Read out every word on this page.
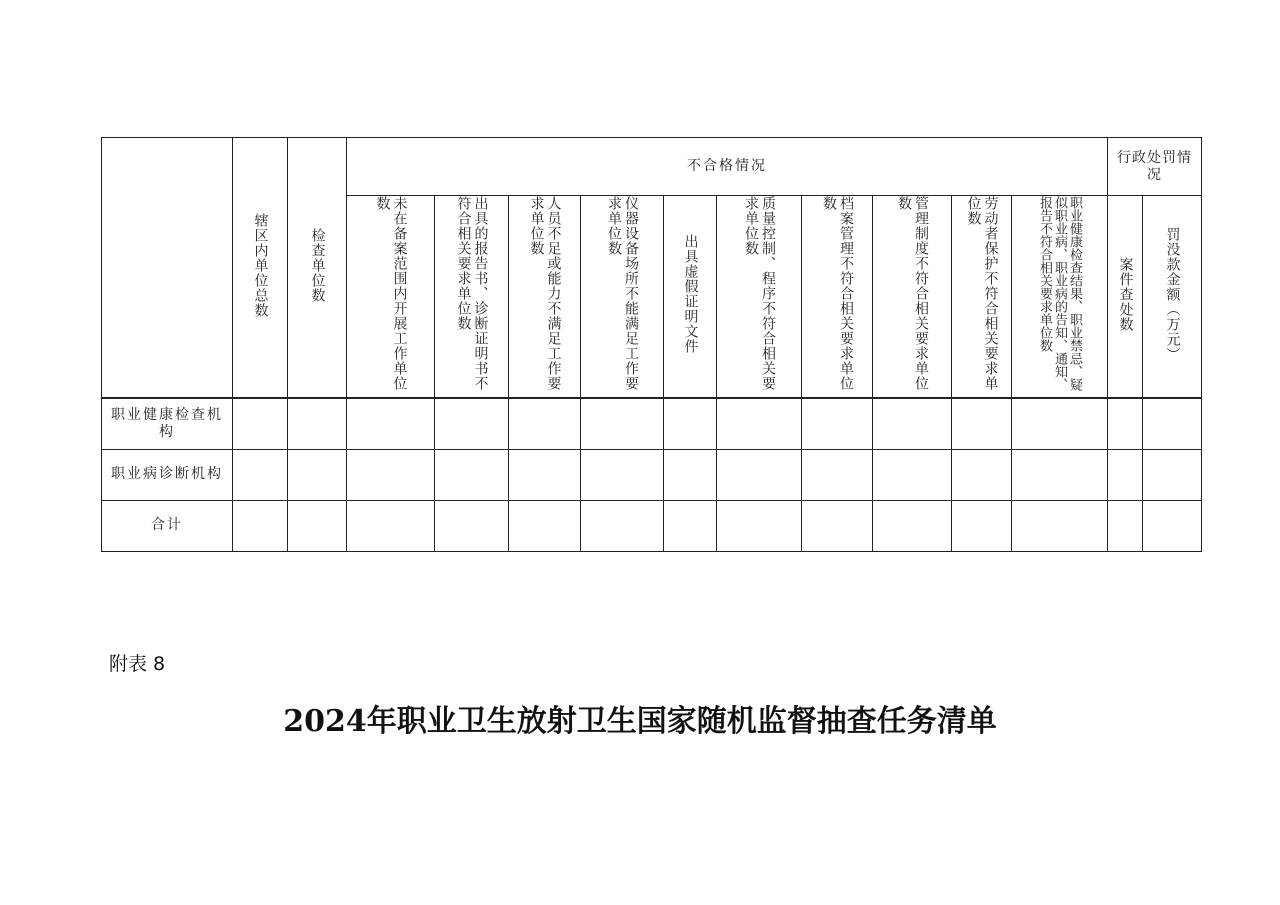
	辖区内单位总数	检查单位数	不合格情况										行政处罚情况	
			未在备案范围内开展工作单位数	出具的报告书、诊断证明书不符合相关要求单位数	人员不足或能力不满足工作要求单位数	仪器设备场所不能满足工作要求单位数	出具虚假证明文件	质量控制、程序不符合相关要求单位数	档案管理不符合相关要求单位数	管理制度不符合相关要求单位数	劳动者保护不符合相关要求单位数	职业健康检查结果、职业禁忌、疑似职业病、职业病的告知、通知、报告不符合相关要求单位数	案件查处数	罚没款金额（万元）
职业健康检查机构														
职业病诊断机构														
合计														
附表 8
2024年职业卫生放射卫生国家随机监督抽查任务清单
